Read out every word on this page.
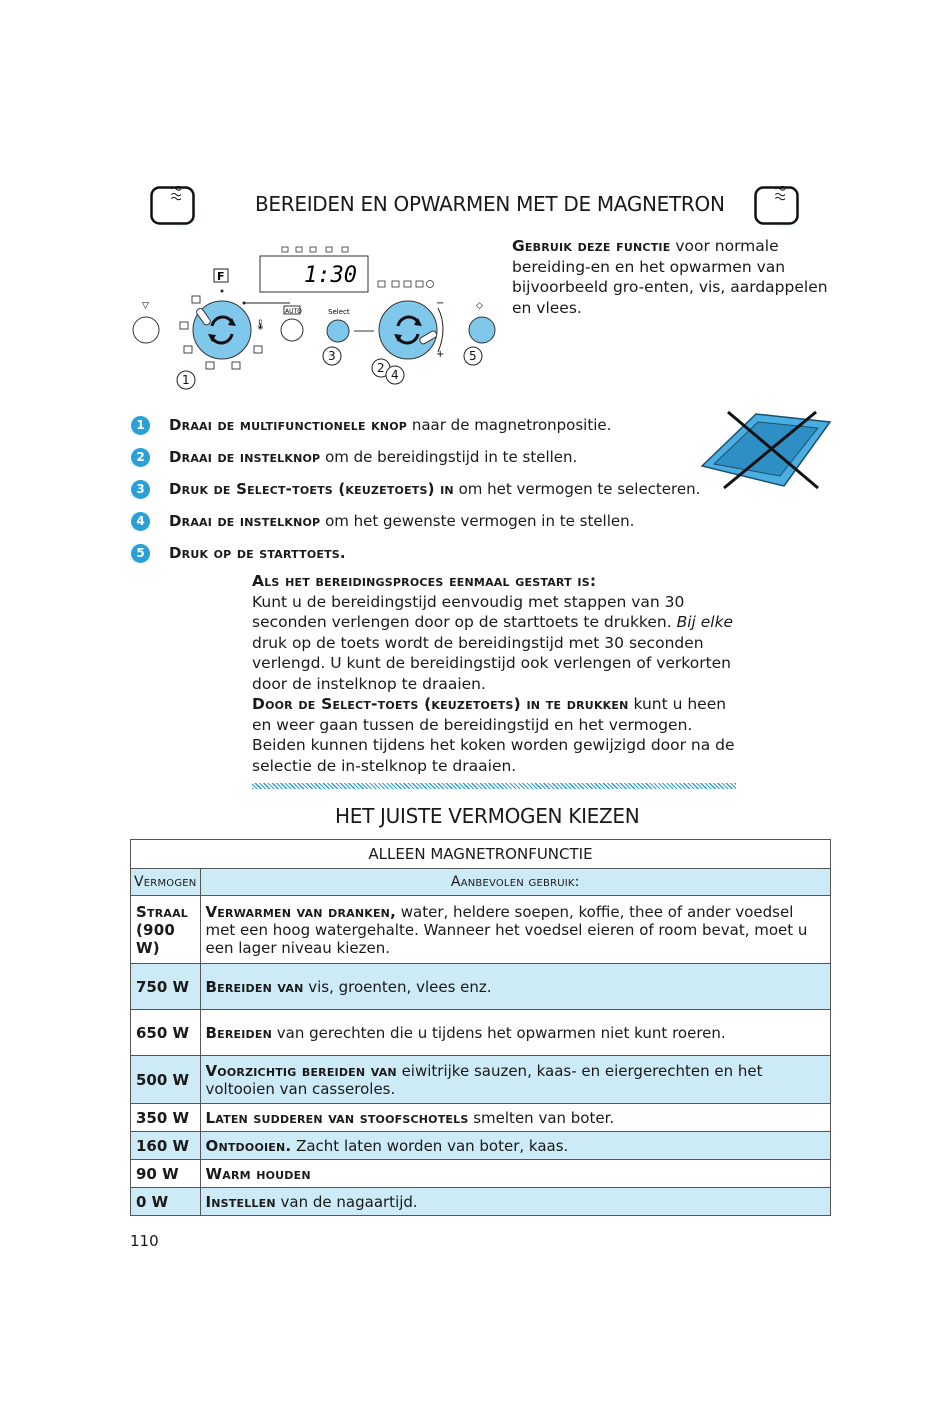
BEREIDEN EN OPWARMEN MET DE MAGNETRON
▽
F
🌡
1:30
AUTO	Select
−
+
◇
1
2 4
3	5
Gebruik deze functie voor normale bereiding-en en het opwarmen van bijvoorbeeld gro-enten, vis, aardappelen en vlees.
1 Draai de multifunctionele knop naar de magnetronpositie.
2 Draai de instelknop om de bereidingstijd in te stellen.
3 Druk de Select-toets (keuzetoets) in om het vermogen te selecteren.
4 Draai de instelknop om het gewenste vermogen in te stellen.
5 Druk op de starttoets.
Als het bereidingsproces eenmaal gestart is:
Kunt u de bereidingstijd eenvoudig met stappen van 30 seconden verlengen door op de starttoets te drukken. Bij elke druk op de toets wordt de bereidingstijd met 30 seconden verlengd. U kunt de bereidingstijd ook verlengen of verkorten door de instelknop te draaien.
Door de Select-toets (keuzetoets) in te drukken kunt u heen en weer gaan tussen de bereidingstijd en het vermogen. Beiden kunnen tijdens het koken worden gewijzigd door na de selectie de in-stelknop te draaien.
HET JUISTE VERMOGEN KIEZEN
ALLEEN MAGNETRONFUNCTIE	
Vermogen	Aanbevolen gebruik:
Straal (900 W)	Verwarmen van dranken, water, heldere soepen, koffie, thee of ander voedsel met een hoog watergehalte. Wanneer het voedsel eieren of room bevat, moet u een lager niveau kiezen.
750 W	Bereiden van vis, groenten, vlees enz.
650 W	Bereiden van gerechten die u tijdens het opwarmen niet kunt roeren.
500 W	Voorzichtig bereiden van eiwitrijke sauzen, kaas- en eiergerechten en het voltooien van casseroles.
350 W	Laten sudderen van stoofschotels smelten van boter.
160 W	Ontdooien. Zacht laten worden van boter, kaas.
90 W	Warm houden
0 W	Instellen van de nagaartijd.
110
